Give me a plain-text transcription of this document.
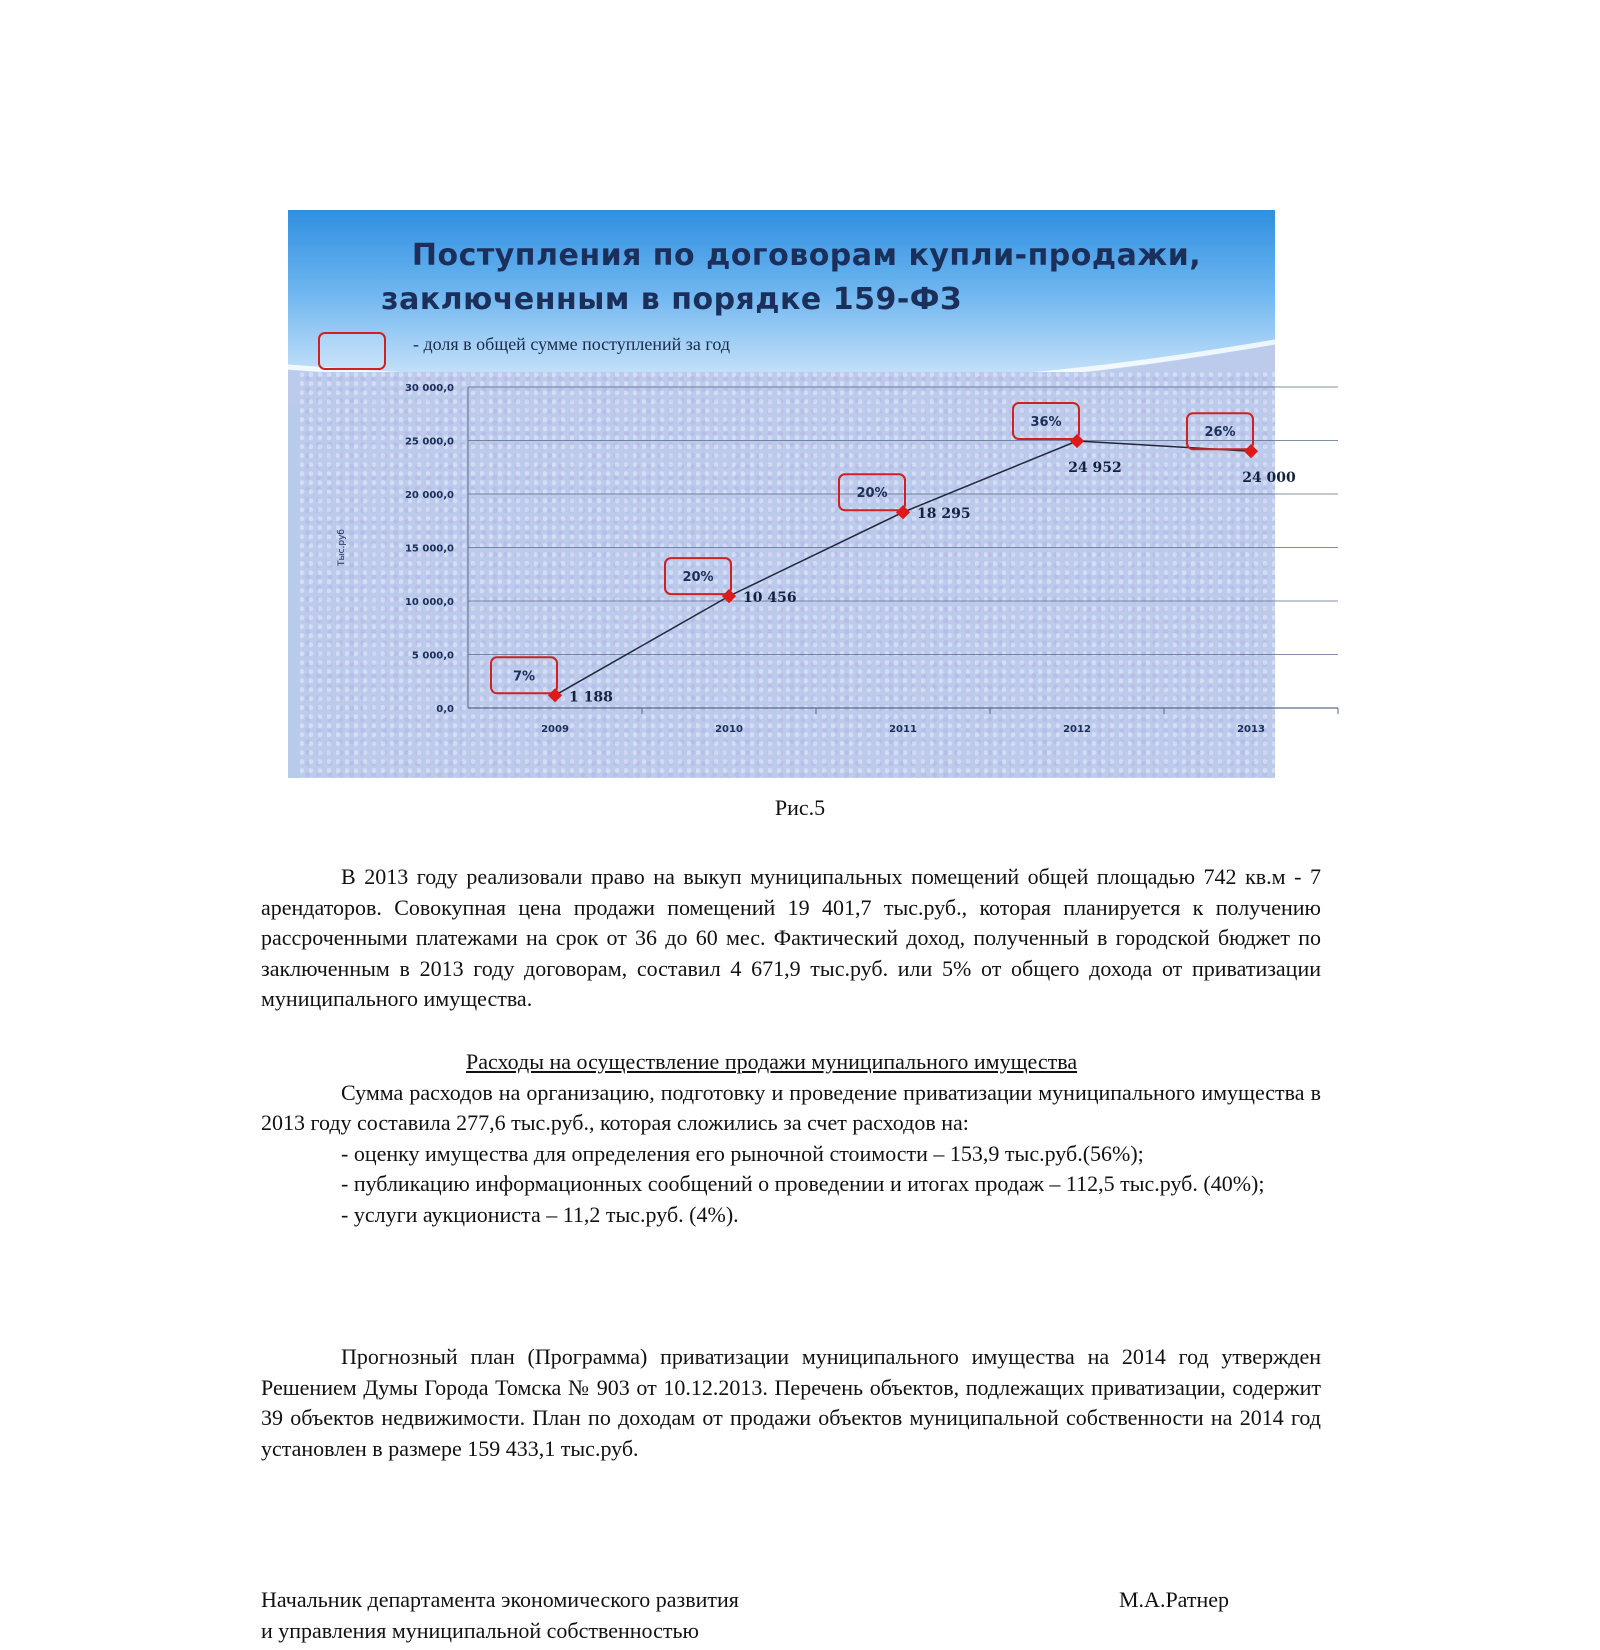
Поступления по договорам купли-продажи,
заключенным в порядке 159-ФЗ
- доля в общей сумме поступлений за год
0,0
5 000,0
10 000,0
15 000,0
20 000,0
25 000,0
30 000,0
Тыс.руб
2009	2010	2011	2012	2013
1 188
7%
10 456
20%
18 295
20%
24 952
36%
24 000
26%
Рис.5

В 2013 году реализовали право на выкуп муниципальных помещений общей площадью 742 кв.м - 7 арендаторов. Совокупная цена продажи помещений 19 401,7 тыс.руб., которая планируется к получению рассроченными платежами на срок от 36 до 60 мес. Фактический доход, полученный в городской бюджет по заключенным в 2013 году договорам, составил 4 671,9 тыс.руб. или 5% от общего дохода от приватизации муниципального имущества.

Расходы на осуществление продажи муниципального имущества

Сумма расходов на организацию, подготовку и проведение приватизации муниципального имущества в 2013 году составила 277,6 тыс.руб., которая сложились за счет расходов на:

- оценку имущества для определения его рыночной стоимости – 153,9 тыс.руб.(56%);

- публикацию информационных сообщений о проведении и итогах продаж – 112,5 тыс.руб. (40%);

- услуги аукциониста – 11,2 тыс.руб. (4%).

Прогнозный план (Программа) приватизации муниципального имущества на 2014 год утвержден Решением Думы Города Томска № 903 от 10.12.2013. Перечень объектов, подлежащих приватизации, содержит 39 объектов недвижимости. План по доходам от продажи объектов муниципальной собственности на 2014 год установлен в размере 159 433,1 тыс.руб.

Начальник департамента экономического развития
и управления муниципальной собственностью
М.А.Ратнер
